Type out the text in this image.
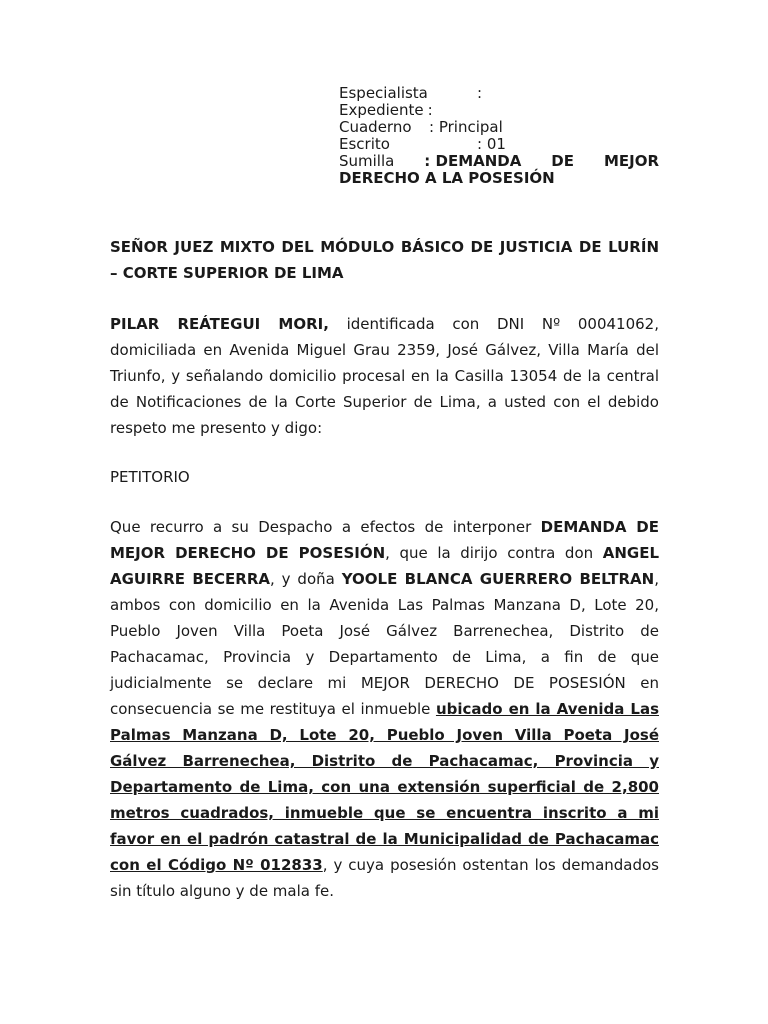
Especialista	:
Expediente :
Cuaderno	: Principal
Escrito	: 01
Sumilla : DEMANDA DE MEJOR
DERECHO A LA POSESIÓN
SEÑOR JUEZ MIXTO DEL MÓDULO BÁSICO DE JUSTICIA DE LURÍN – CORTE SUPERIOR DE LIMA
PILAR REÁTEGUI MORI, identificada con DNI Nº 00041062, domiciliada en Avenida Miguel Grau 2359, José Gálvez, Villa María del Triunfo, y señalando domicilio procesal en la Casilla 13054 de la central de Notificaciones de la Corte Superior de Lima, a usted con el debido respeto me presento y digo:
PETITORIO
Que recurro a su Despacho a efectos de interponer DEMANDA DE MEJOR DERECHO DE POSESIÓN, que la dirijo contra don ANGEL AGUIRRE BECERRA, y doña YOOLE BLANCA GUERRERO BELTRAN, ambos con domicilio en la Avenida Las Palmas Manzana D, Lote 20, Pueblo Joven Villa Poeta José Gálvez Barrenechea, Distrito de Pachacamac, Provincia y Departamento de Lima, a fin de que judicialmente se declare mi MEJOR DERECHO DE POSESIÓN en consecuencia se me restituya el inmueble ubicado en la Avenida Las Palmas Manzana D, Lote 20, Pueblo Joven Villa Poeta José Gálvez Barrenechea, Distrito de Pachacamac, Provincia y Departamento de Lima, con una extensión superficial de 2,800 metros cuadrados, inmueble que se encuentra inscrito a mi favor en el padrón catastral de la Municipalidad de Pachacamac con el Código Nº 012833, y cuya posesión ostentan los demandados sin título alguno y de mala fe.
